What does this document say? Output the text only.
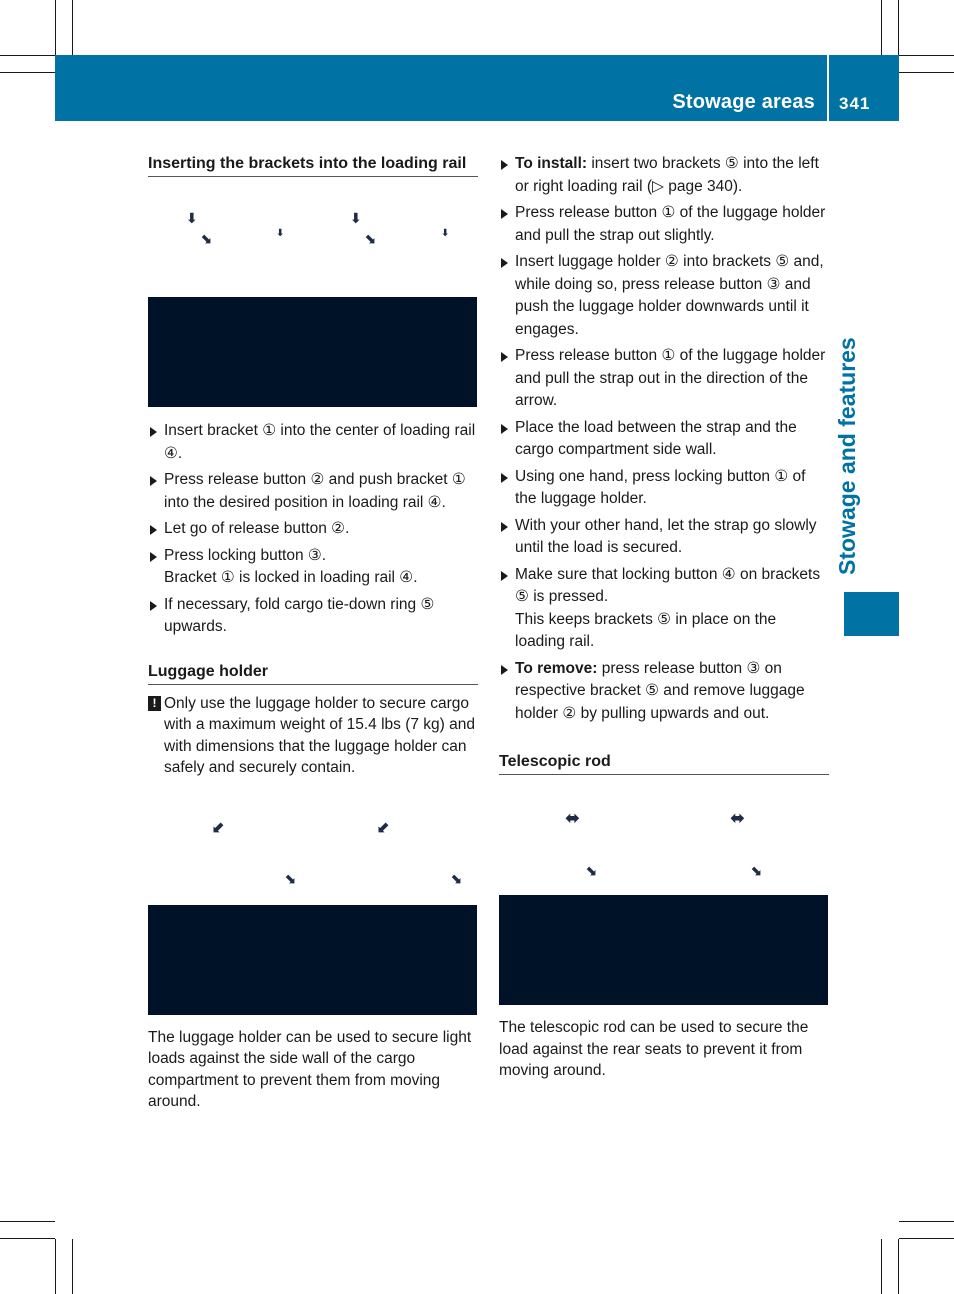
Stowage areas 341
Stowage and features
Inserting the brackets into the loading rail
⬇
⬊	⬇
⬇
⬊	⬇
Insert bracket ① into the center of loading rail ④.
Press release button ② and push bracket ① into the desired position in loading rail ④.
Let go of release button ②.
Press locking button ③.
Bracket ① is locked in loading rail ④.
If necessary, fold cargo tie-down ring ⑤ upwards.
Luggage holder
! Only use the luggage holder to secure cargo with a maximum weight of 15.4 lbs (7 kg) and with dimensions that the luggage holder can safely and securely contain.
⬋
⬊
⬋
⬊

The luggage holder can be used to secure light loads against the side wall of the cargo compartment to prevent them from moving around.

To install: insert two brackets ⑤ into the left or right loading rail (▷ page 340).
Press release button ① of the luggage holder and pull the strap out slightly.
Insert luggage holder ② into brackets ⑤ and, while doing so, press release button ③ and push the luggage holder downwards until it engages.
Press release button ① of the luggage holder and pull the strap out in the direction of the arrow.
Place the load between the strap and the cargo compartment side wall.
Using one hand, press locking button ① of the luggage holder.
With your other hand, let the strap go slowly until the load is secured.
Make sure that locking button ④ on brackets ⑤ is pressed.
This keeps brackets ⑤ in place on the loading rail.
To remove: press release button ③ on respective bracket ⑤ and remove luggage holder ② by pulling upwards and out.
Telescopic rod
⬌
⬊
⬌
⬊

The telescopic rod can be used to secure the load against the rear seats to prevent it from moving around.
